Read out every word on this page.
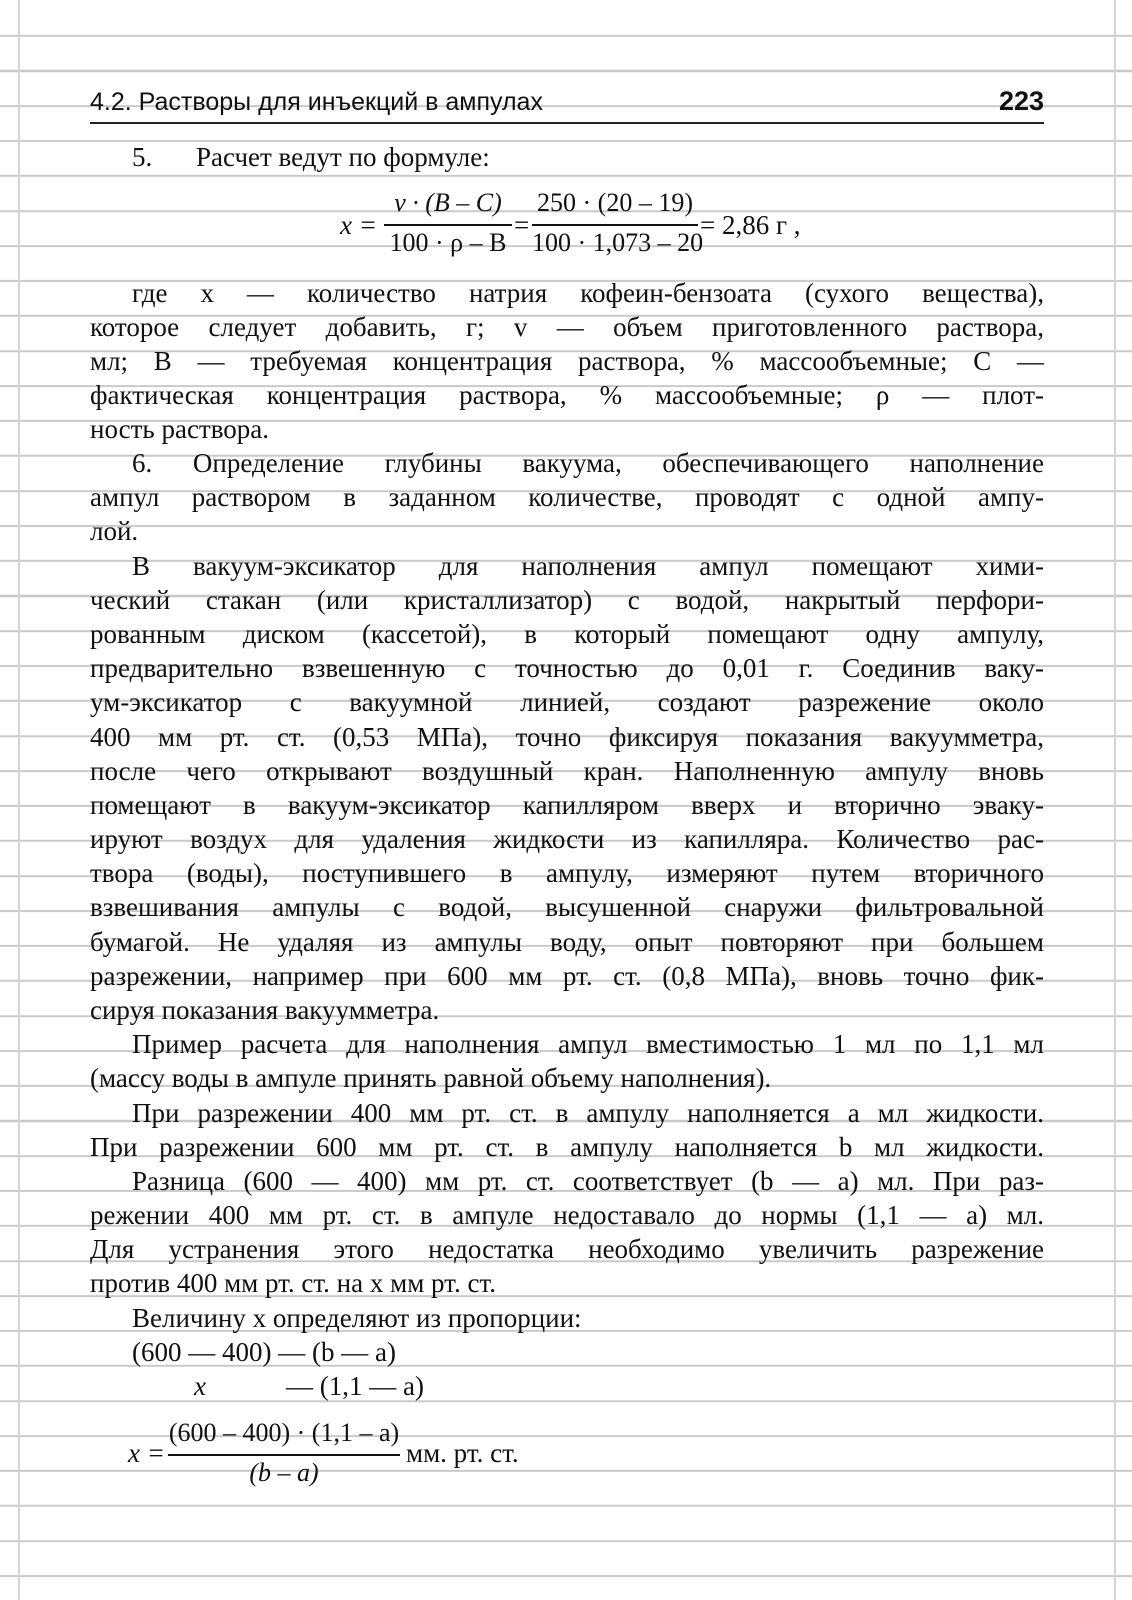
4.2. Растворы для инъекций в ампулах	223
5. Расчет ведут по формуле:
x =
v · (B – C)
100 · ρ – B
=
250 · (20 – 19)
100 · 1,073 – 20
= 2,86 г ,
где x — количество натрия кофеин-бензоата (сухого вещества),
которое следует добавить, г; v — объем приготовленного раствора,
мл; B — требуемая концентрация раствора, % массообъемные; C —
фактическая концентрация раствора, % массообъемные; ρ — плот-
ность раствора.
6. Определение глубины вакуума, обеспечивающего наполнение
ампул раствором в заданном количестве, проводят с одной ампу-
лой.
В вакуум-эксикатор для наполнения ампул помещают хими-
ческий стакан (или кристаллизатор) с водой, накрытый перфори-
рованным диском (кассетой), в который помещают одну ампулу,
предварительно взвешенную с точностью до 0,01 г. Соединив ваку-
ум-эксикатор с вакуумной линией, создают разрежение около
400 мм рт. ст. (0,53 МПа), точно фиксируя показания вакуумметра,
после чего открывают воздушный кран. Наполненную ампулу вновь
помещают в вакуум-эксикатор капилляром вверх и вторично эваку-
ируют воздух для удаления жидкости из капилляра. Количество рас-
твора (воды), поступившего в ампулу, измеряют путем вторичного
взвешивания ампулы с водой, высушенной снаружи фильтровальной
бумагой. Не удаляя из ампулы воду, опыт повторяют при большем
разрежении, например при 600 мм рт. ст. (0,8 МПа), вновь точно фик-
сируя показания вакуумметра.
Пример расчета для наполнения ампул вместимостью 1 мл по 1,1 мл
(массу воды в ампуле принять равной объему наполнения).
При разрежении 400 мм рт. ст. в ампулу наполняется a мл жидкости.
При разрежении 600 мм рт. ст. в ампулу наполняется b мл жидкости.
Разница (600 — 400) мм рт. ст. соответствует (b — a) мл. При раз-
режении 400 мм рт. ст. в ампуле недоставало до нормы (1,1 — a) мл.
Для устранения этого недостатка необходимо увеличить разрежение
против 400 мм рт. ст. на x мм рт. ст.
Величину х определяют из пропорции:
(600 — 400) — (b — a)
x	— (1,1 — a)
x =
(600 – 400) · (1,1 – a)
(b – a)
мм. рт. ст.
